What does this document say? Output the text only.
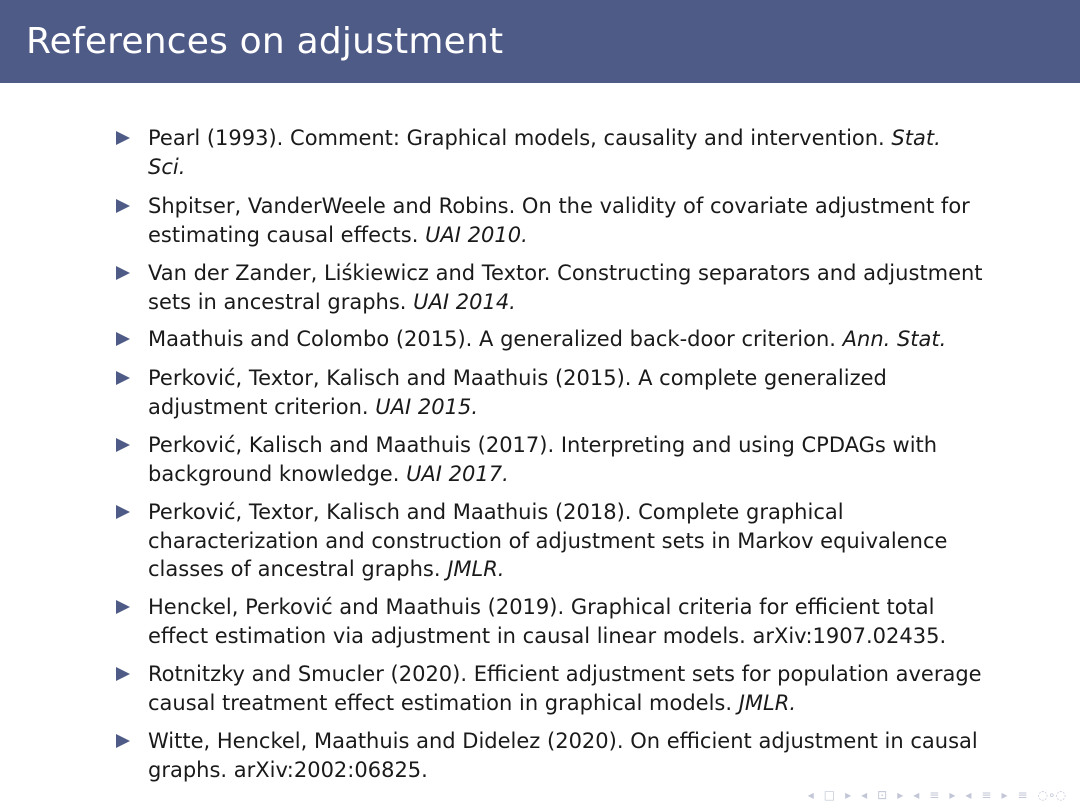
References on adjustment
Pearl (1993). Comment: Graphical models, causality and intervention. Stat.
Sci.
Shpitser, VanderWeele and Robins. On the validity of covariate adjustment for
estimating causal effects. UAI 2010.
Van der Zander, Liśkiewicz and Textor. Constructing separators and adjustment
sets in ancestral graphs. UAI 2014.
Maathuis and Colombo (2015). A generalized back-door criterion. Ann. Stat.
Perković, Textor, Kalisch and Maathuis (2015). A complete generalized
adjustment criterion. UAI 2015.
Perković, Kalisch and Maathuis (2017). Interpreting and using CPDAGs with
background knowledge. UAI 2017.
Perković, Textor, Kalisch and Maathuis (2018). Complete graphical
characterization and construction of adjustment sets in Markov equivalence
classes of ancestral graphs. JMLR.
Henckel, Perković and Maathuis (2019). Graphical criteria for efficient total
effect estimation via adjustment in causal linear models. arXiv:1907.02435.
Rotnitzky and Smucler (2020). Efficient adjustment sets for population average
causal treatment effect estimation in graphical models. JMLR.
Witte, Henckel, Maathuis and Didelez (2020). On efficient adjustment in causal
graphs. arXiv:2002:06825.
◂ □ ▸ ◂ ⊡ ▸ ◂ ≡ ▸ ◂ ≡ ▸ ≡ ◌∘◌
